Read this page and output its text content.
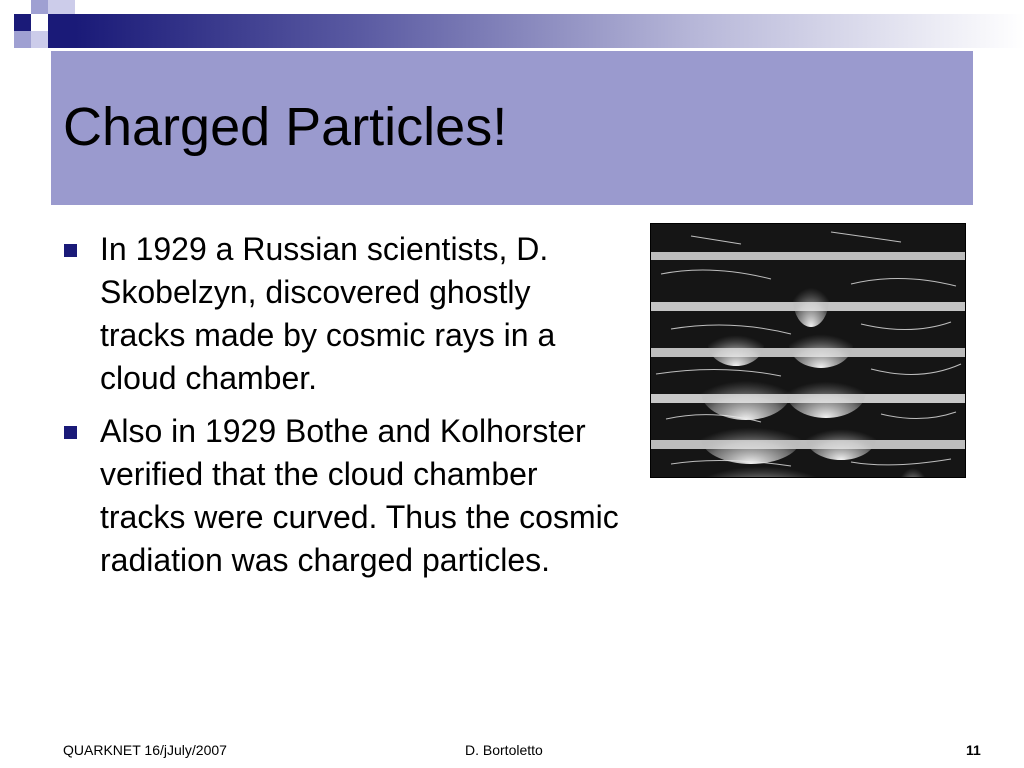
Charged Particles!
In 1929 a Russian scientists, D. Skobelzyn, discovered ghostly tracks made by cosmic rays in a cloud chamber.
Also in 1929 Bothe and Kolhorster verified that the cloud chamber tracks were curved. Thus the cosmic radiation was charged particles.
QUARKNET 16/jJuly/2007	D. Bortoletto	11
